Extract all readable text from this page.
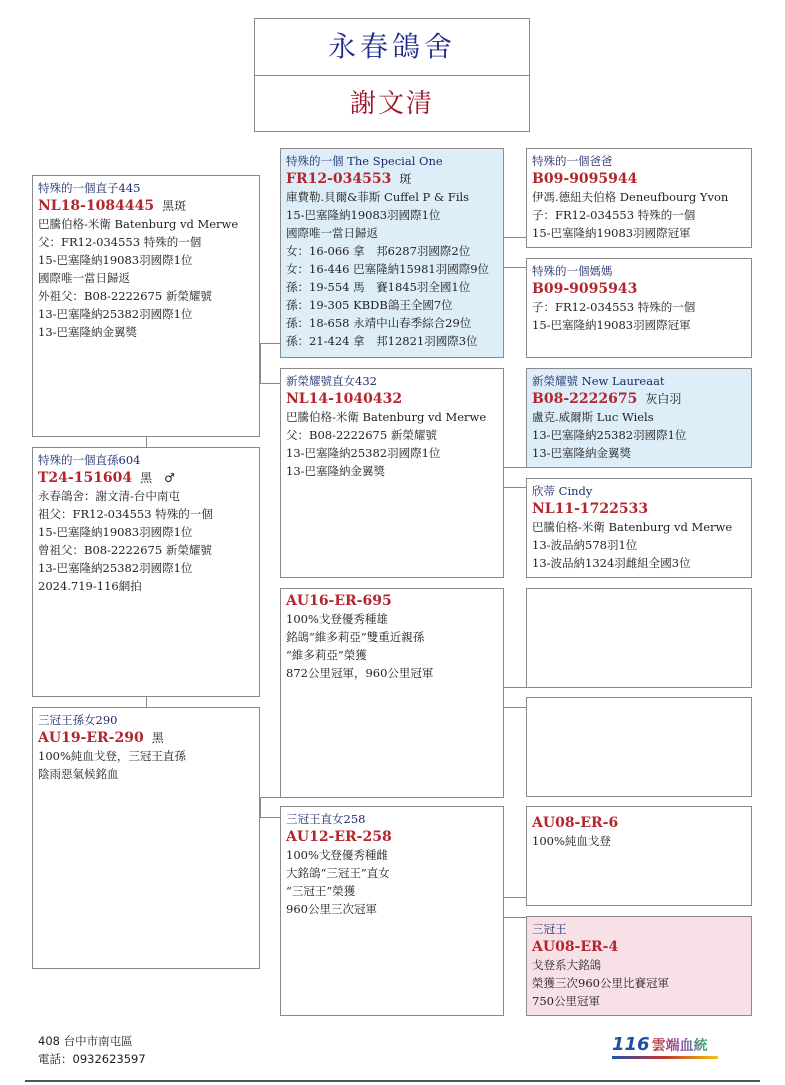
永春鴿舍
謝文清
特殊的一個直子445
NL18-1084445 黑斑
巴騰伯格-米衛 Batenburg vd Merwe
父：FR12-034553 特殊的一個
15-巴塞隆納19083羽國際1位
國際唯一當日歸返
外祖父：B08-2222675 新榮耀號
13-巴塞隆納25382羽國際1位
13-巴塞隆納金翼獎
特殊的一個直孫604
T24-151604 黑　♂
永春鴿舍：謝文清-台中南屯
祖父：FR12-034553 特殊的一個
15-巴塞隆納19083羽國際1位
曾祖父：B08-2222675 新榮耀號
13-巴塞隆納25382羽國際1位
2024.719-116網拍
三冠王孫女290
AU19-ER-290 黑
100%純血戈登，三冠王直孫
陰雨惡氣候銘血
特殊的一個 The Special One
FR12-034553 斑
庫費勒.貝爾&菲斯 Cuffel P & Fils
15-巴塞隆納19083羽國際1位
國際唯一當日歸返
女：16-066 拿　邦6287羽國際2位
女：16-446 巴塞隆納15981羽國際9位
孫：19-554 馬　賽1845羽全國1位
孫：19-305 KBDB鴿王全國7位
孫：18-658 永靖中山春季綜合29位
孫：21-424 拿　邦12821羽國際3位
新榮耀號直女432
NL14-1040432
巴騰伯格-米衛 Batenburg vd Merwe
父：B08-2222675 新榮耀號
13-巴塞隆納25382羽國際1位
13-巴塞隆納金翼獎
AU16-ER-695
100%戈登優秀種雄
銘鴿“維多莉亞”雙重近親孫
“維多莉亞”榮獲
872公里冠軍，960公里冠軍
三冠王直女258
AU12-ER-258
100%戈登優秀種雌
大銘鴿“三冠王”直女
“三冠王”榮獲
960公里三次冠軍
特殊的一個爸爸
B09-9095944
伊馮.德紐夫伯格 Deneufbourg Yvon
子：FR12-034553 特殊的一個
15-巴塞隆納19083羽國際冠軍
特殊的一個媽媽
B09-9095943
子：FR12-034553 特殊的一個
15-巴塞隆納19083羽國際冠軍
新榮耀號 New Laureaat
B08-2222675 灰白羽
盧克.威爾斯 Luc Wiels
13-巴塞隆納25382羽國際1位
13-巴塞隆納金翼獎
欣蒂 Cindy
NL11-1722533
巴騰伯格-米衛 Batenburg vd Merwe
13-波品納578羽1位
13-波品納1324羽雌組全國3位
AU08-ER-6
100%純血戈登
三冠王
AU08-ER-4
戈登系大銘鴿
榮獲三次960公里比賽冠軍
750公里冠軍
408 台中市南屯區
電話：0932623597
116 雲端血統
